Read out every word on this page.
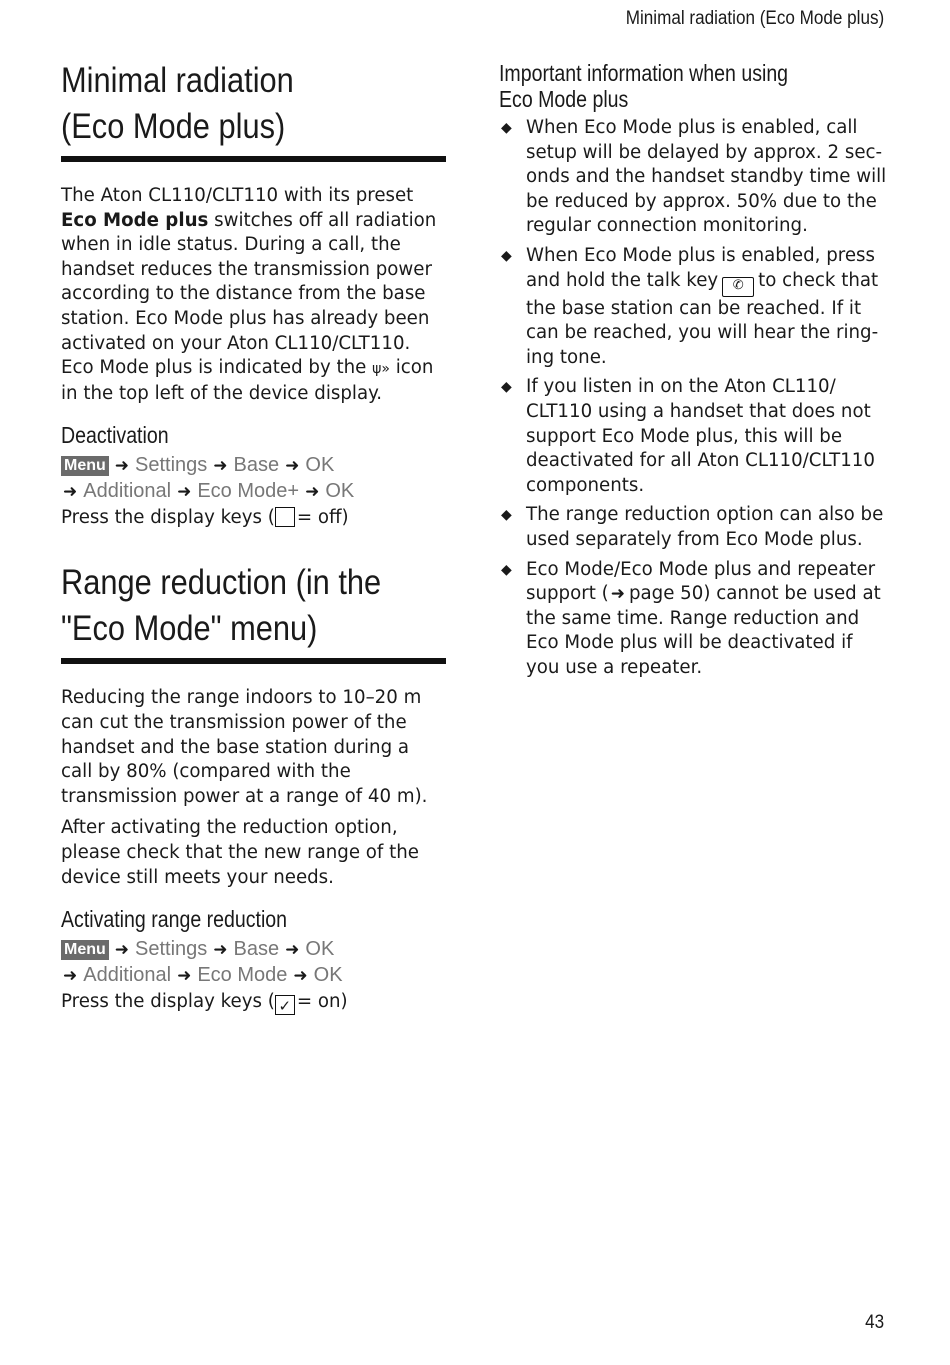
Minimal radiation (Eco Mode plus)
Minimal radiation
(Eco Mode plus)

The Aton CL110/CLT110 with its preset Eco Mode plus switches off all radiation when in idle status. During a call, the handset reduces the transmission power according to the distance from the base station. Eco Mode plus has already been activated on your Aton CL110/CLT110. Eco Mode plus is indicated by the ψ» icon in the top left of the device display.

Deactivation
Menu ➜ Settings ➜ Base ➜ OK
➜ Additional ➜ Eco Mode+ ➜ OK
Press the display keys ( = off)
Range reduction (in the
"Eco Mode" menu)

Reducing the range indoors to 10–20 m can cut the transmission power of the handset and the base station during a call by 80% (compared with the transmission power at a range of 40 m).

After activating the reduction option, please check that the new range of the device still meets your needs.

Activating range reduction
Menu ➜ Settings ➜ Base ➜ OK
➜ Additional ➜ Eco Mode ➜ OK
Press the display keys ( ✓ = on)
Important information when using
Eco Mode plus
◆ When Eco Mode plus is enabled, call setup will be delayed by approx. 2 sec-onds and the handset standby time will be reduced by approx. 50% due to the regular connection monitoring.
◆ When Eco Mode plus is enabled, press and hold the talk key ✆ to check that the base station can be reached. If it can be reached, you will hear the ring-ing tone.
◆ If you listen in on the Aton CL110/ CLT110 using a handset that does not support Eco Mode plus, this will be deactivated for all Aton CL110/CLT110 components.
◆ The range reduction option can also be used separately from Eco Mode plus.
◆ Eco Mode/Eco Mode plus and repeater support ( ➜ page 50) cannot be used at the same time. Range reduction and Eco Mode plus will be deactivated if you use a repeater.
43
